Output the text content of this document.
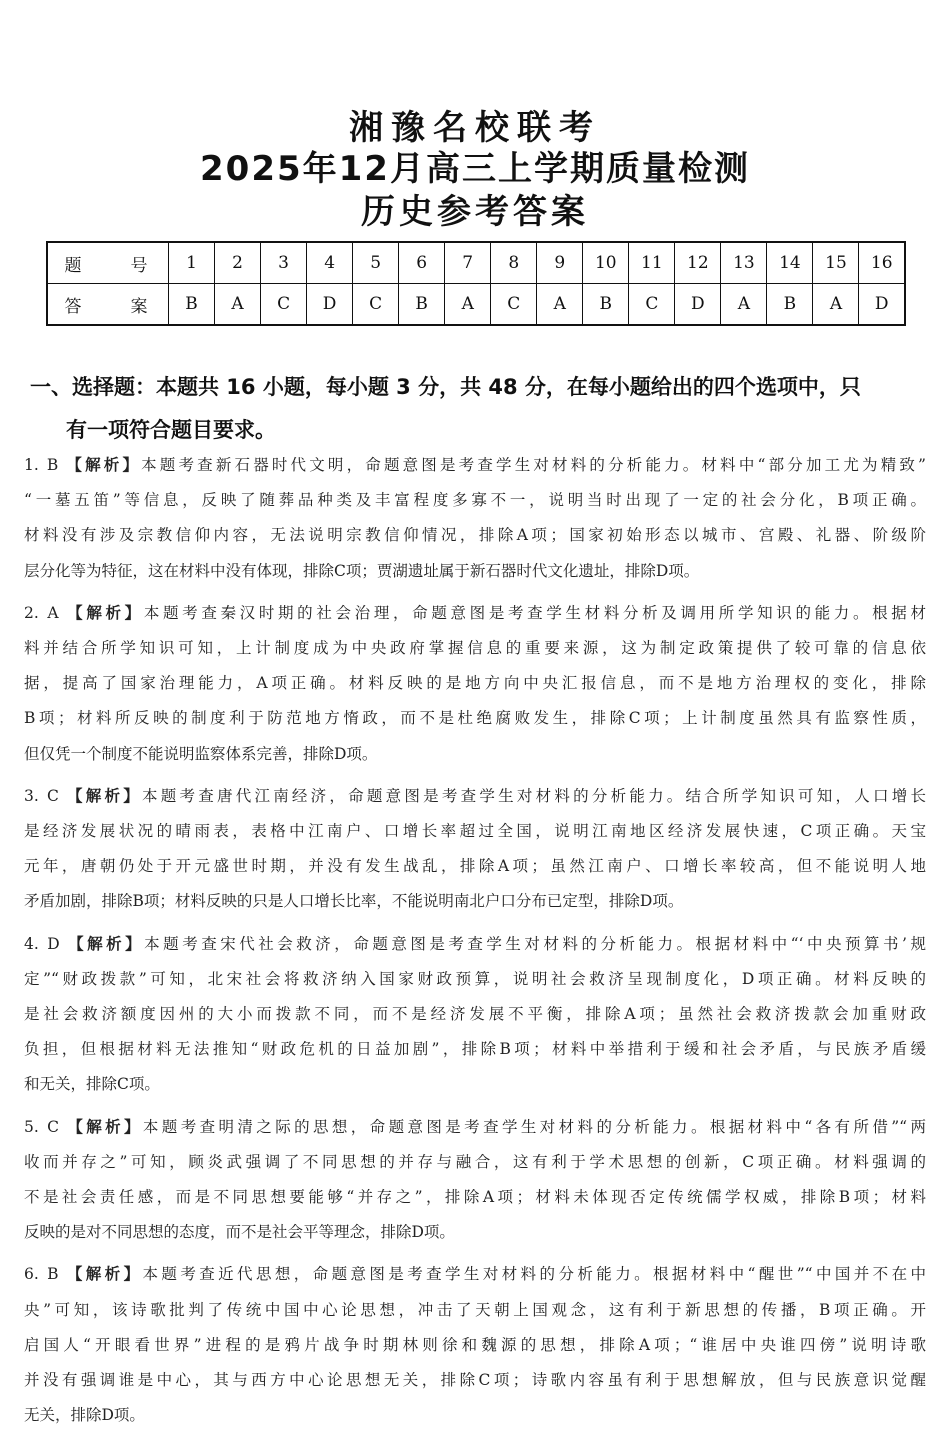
湘豫名校联考
2025年12月高三上学期质量检测
历史参考答案
题　号	1	2	3	4	5	6	7	8	9	10	11	12	13	14	15	16
答　案	B	A	C	D	C	B	A	C	A	B	C	D	A	B	A	D
一、选择题：本题共 16 小题，每小题 3 分，共 48 分，在每小题给出的四个选项中，只
有一项符合题目要求。

1. B 【解析】本题考查新石器时代文明，命题意图是考查学生对材料的分析能力。材料中“部分加工尤为精致”

“一墓五笛”等信息，反映了随葬品种类及丰富程度多寡不一，说明当时出现了一定的社会分化，B项正确。

材料没有涉及宗教信仰内容，无法说明宗教信仰情况，排除A项；国家初始形态以城市、宫殿、礼器、阶级阶

层分化等为特征，这在材料中没有体现，排除C项；贾湖遗址属于新石器时代文化遗址，排除D项。

2. A 【解析】本题考查秦汉时期的社会治理，命题意图是考查学生材料分析及调用所学知识的能力。根据材

料并结合所学知识可知，上计制度成为中央政府掌握信息的重要来源，这为制定政策提供了较可靠的信息依

据，提高了国家治理能力，A项正确。材料反映的是地方向中央汇报信息，而不是地方治理权的变化，排除

B项；材料所反映的制度利于防范地方惰政，而不是杜绝腐败发生，排除C项；上计制度虽然具有监察性质，

但仅凭一个制度不能说明监察体系完善，排除D项。

3. C 【解析】本题考查唐代江南经济，命题意图是考查学生对材料的分析能力。结合所学知识可知，人口增长

是经济发展状况的晴雨表，表格中江南户、口增长率超过全国，说明江南地区经济发展快速，C项正确。天宝

元年，唐朝仍处于开元盛世时期，并没有发生战乱，排除A项；虽然江南户、口增长率较高，但不能说明人地

矛盾加剧，排除B项；材料反映的只是人口增长比率，不能说明南北户口分布已定型，排除D项。

4. D 【解析】本题考查宋代社会救济，命题意图是考查学生对材料的分析能力。根据材料中“‘中央预算书’规

定”“财政拨款”可知，北宋社会将救济纳入国家财政预算，说明社会救济呈现制度化，D项正确。材料反映的

是社会救济额度因州的大小而拨款不同，而不是经济发展不平衡，排除A项；虽然社会救济拨款会加重财政

负担，但根据材料无法推知“财政危机的日益加剧”，排除B项；材料中举措利于缓和社会矛盾，与民族矛盾缓

和无关，排除C项。

5. C 【解析】本题考查明清之际的思想，命题意图是考查学生对材料的分析能力。根据材料中“各有所借”“两

收而并存之”可知，顾炎武强调了不同思想的并存与融合，这有利于学术思想的创新，C项正确。材料强调的

不是社会责任感，而是不同思想要能够“并存之”，排除A项；材料未体现否定传统儒学权威，排除B项；材料

反映的是对不同思想的态度，而不是社会平等理念，排除D项。

6. B 【解析】本题考查近代思想，命题意图是考查学生对材料的分析能力。根据材料中“醒世”“中国并不在中

央”可知，该诗歌批判了传统中国中心论思想，冲击了天朝上国观念，这有利于新思想的传播，B项正确。开

启国人“开眼看世界”进程的是鸦片战争时期林则徐和魏源的思想，排除A项；“谁居中央谁四傍”说明诗歌

并没有强调谁是中心，其与西方中心论思想无关，排除C项；诗歌内容虽有利于思想解放，但与民族意识觉醒

无关，排除D项。
